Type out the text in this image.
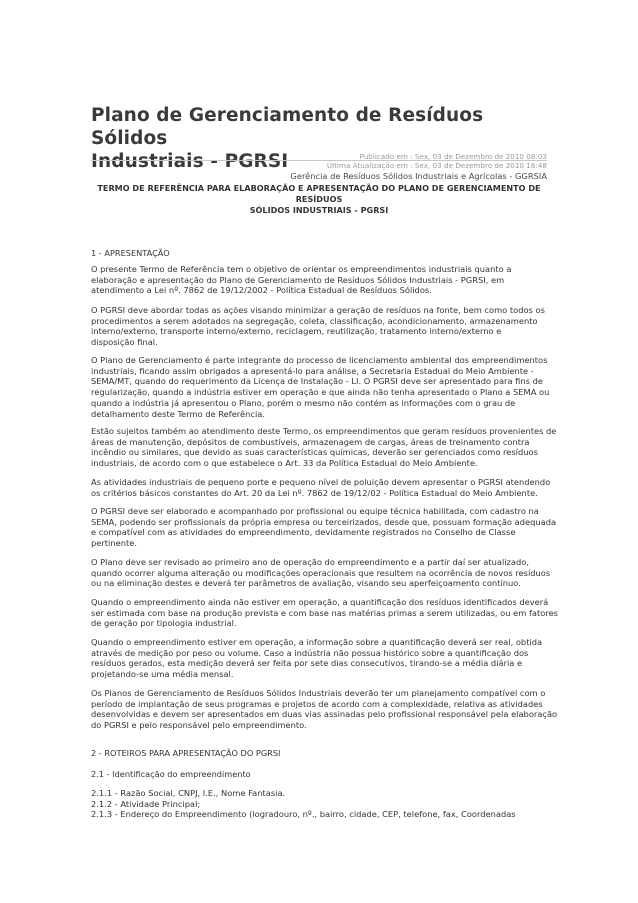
Plano de Gerenciamento de Resíduos Sólidos
Industriais - PGRSI	Publicado em : Sex, 03 de Dezembro de 2010 08:03
Última Atualização em : Sex, 03 de Dezembro de 2010 16:48
Gerência de Resíduos Sólidos Industriais e Agrícolas - GGRSIA
TERMO DE REFERÊNCIA PARA ELABORAÇÃO E APRESENTAÇÃO DO PLANO DE GERENCIAMENTO DE RESÍDUOS
SÓLIDOS INDUSTRIAIS - PGRSI
1 - APRESENTAÇÃO
O presente Termo de Referência tem o objetivo de orientar os empreendimentos industriais quanto a
elaboração e apresentação do Plano de Gerenciamento de Resíduos Sólidos Industriais - PGRSI, em
atendimento a Lei nº. 7862 de 19/12/2002 - Política Estadual de Resíduos Sólidos.
O PGRSI deve abordar todas as ações visando minimizar a geração de resíduos na fonte, bem como todos os
procedimentos a serem adotados na segregação, coleta, classificação, acondicionamento, armazenamento
interno/externo, transporte interno/externo, reciclagem, reutilização, tratamento interno/externo e
disposição final.
O Plano de Gerenciamento é parte integrante do processo de licenciamento ambiental dos empreendimentos
industriais, ficando assim obrigados a apresentá-lo para análise, a Secretaria Estadual do Meio Ambiente -
SEMA/MT, quando do requerimento da Licença de Instalação - LI. O PGRSI deve ser apresentado para fins de
regularização, quando a indústria estiver em operação e que ainda não tenha apresentado o Plano a SEMA ou
quando a indústria já apresentou o Plano, porém o mesmo não contém as informações com o grau de
detalhamento deste Termo de Referência.
Estão sujeitos também ao atendimento deste Termo, os empreendimentos que geram resíduos provenientes de
áreas de manutenção, depósitos de combustíveis, armazenagem de cargas, áreas de treinamento contra
incêndio ou similares, que devido as suas características químicas, deverão ser gerenciados como resíduos
industriais, de acordo com o que estabelece o Art. 33 da Política Estadual do Meio Ambiente.
As atividades industriais de pequeno porte e pequeno nível de poluição devem apresentar o PGRSI atendendo
os critérios básicos constantes do Art. 20 da Lei nº. 7862 de 19/12/02 - Política Estadual do Meio Ambiente.
O PGRSI deve ser elaborado e acompanhado por profissional ou equipe técnica habilitada, com cadastro na
SEMA, podendo ser profissionais da própria empresa ou terceirizados, desde que, possuam formação adequada
e compatível com as atividades do empreendimento, devidamente registrados no Conselho de Classe
pertinente.
O Plano deve ser revisado ao primeiro ano de operação do empreendimento e a partir daí ser atualizado,
quando ocorrer alguma alteração ou modificações operacionais que resultem na ocorrência de novos resíduos
ou na eliminação destes e deverá ter parâmetros de avaliação, visando seu aperfeiçoamento contínuo.
Quando o empreendimento ainda não estiver em operação, a quantificação dos resíduos identificados deverá
ser estimada com base na produção prevista e com base nas matérias primas a serem utilizadas, ou em fatores
de geração por tipologia industrial.
Quando o empreendimento estiver em operação, a informação sobre a quantificação deverá ser real, obtida
através de medição por peso ou volume. Caso a indústria não possua histórico sobre a quantificação dos
resíduos gerados, esta medição deverá ser feita por sete dias consecutivos, tirando-se a média diária e
projetando-se uma média mensal.
Os Planos de Gerenciamento de Resíduos Sólidos Industriais deverão ter um planejamento compatível com o
período de implantação de seus programas e projetos de acordo com a complexidade, relativa as atividades
desenvolvidas e devem ser apresentados em duas vias assinadas pelo profissional responsável pela elaboração
do PGRSI e pelo responsável pelo empreendimento.
2 - ROTEIROS PARA APRESENTAÇÃO DO PGRSI
2.1 - Identificação do empreendimento
2.1.1 - Razão Social, CNPJ, I.E., Nome Fantasia.
2.1.2 - Atividade Principal;
2.1.3 - Endereço do Empreendimento (logradouro, nº., bairro, cidade, CEP, telefone, fax, Coordenadas
